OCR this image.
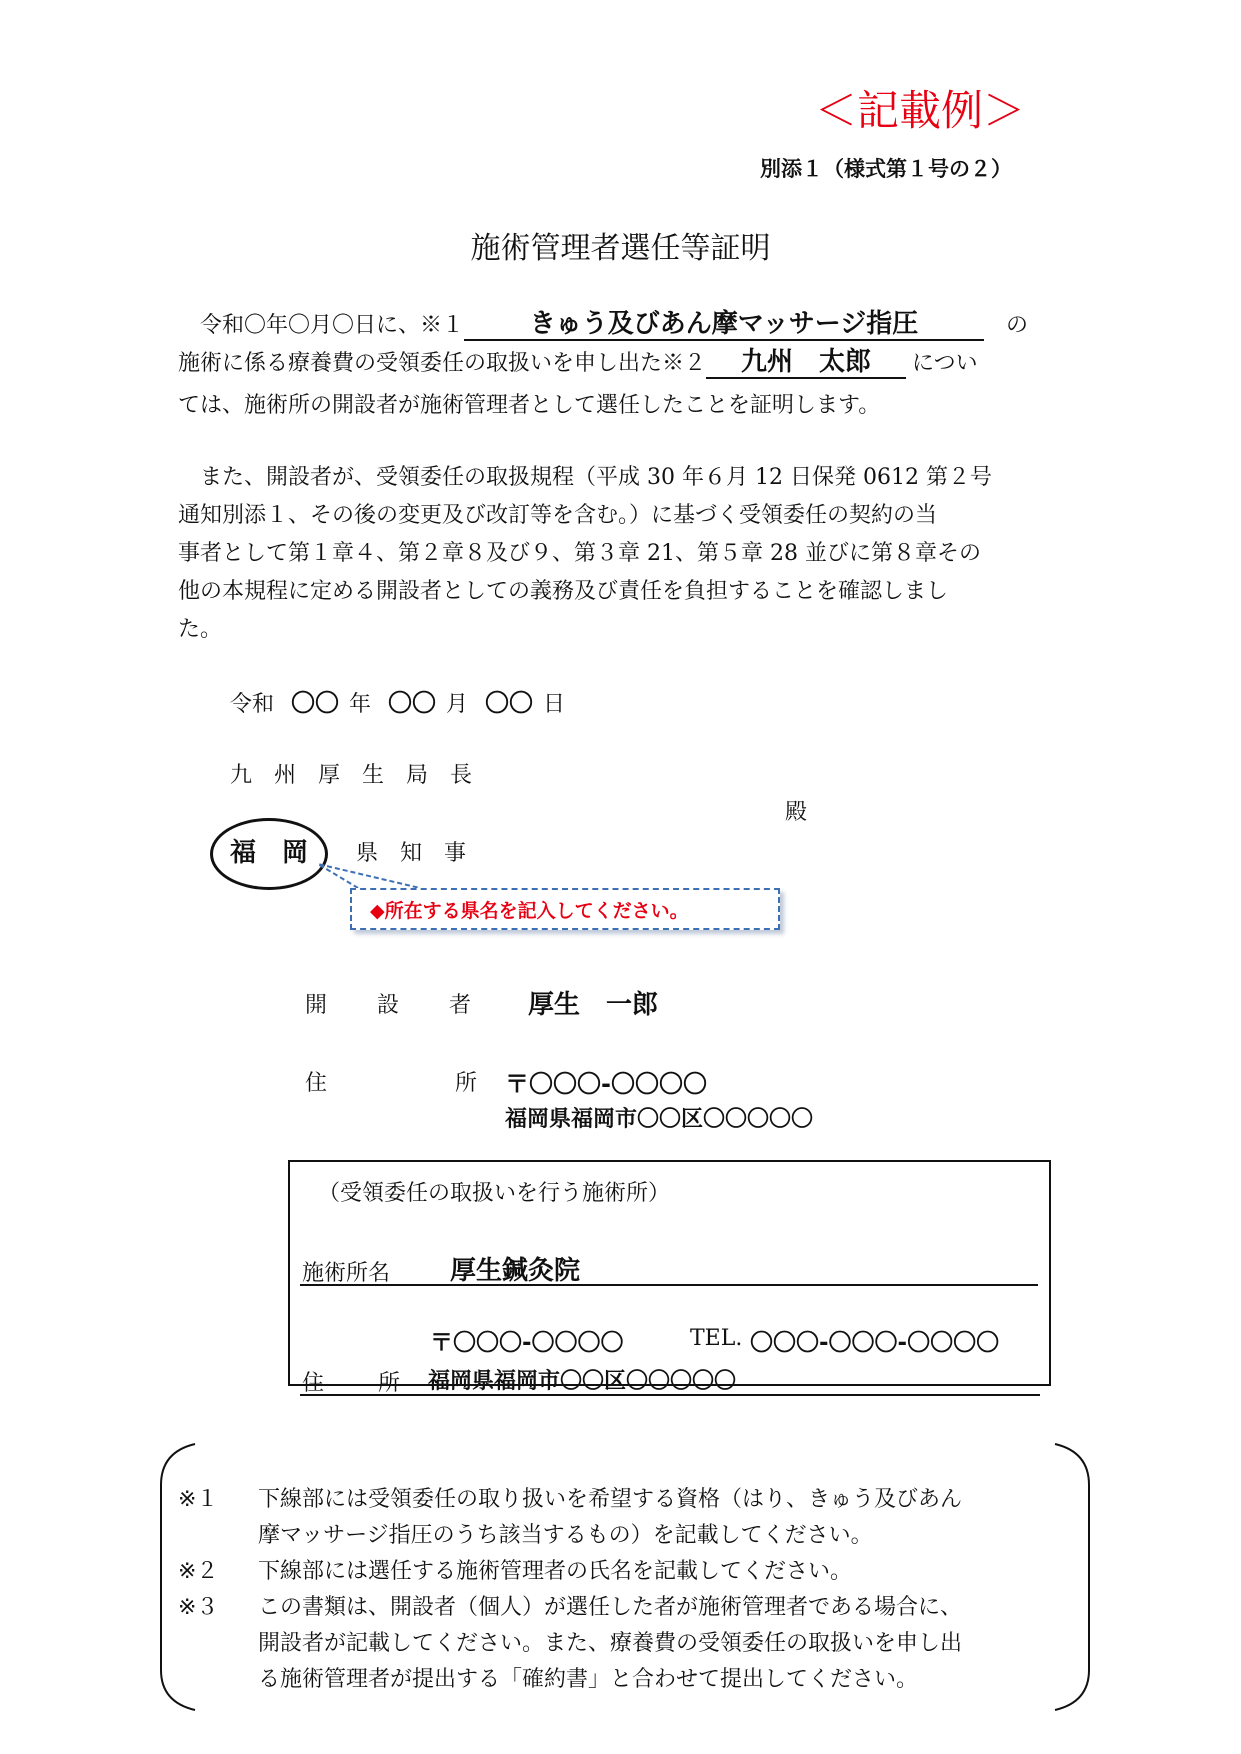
＜記載例＞
別添１（様式第１号の２）
施術管理者選任等証明
令和〇年〇月〇日に、※１	きゅう及びあん摩マッサージ指圧	の
施術に係る療養費の受領委任の取扱いを申し出た※２ 九州　太郎 につい
ては、施術所の開設者が施術管理者として選任したことを証明します。
また、開設者が、受領委任の取扱規程（平成 30 年６月 12 日保発 0612 第２号
通知別添１、その後の変更及び改訂等を含む。）に基づく受領委任の契約の当
事者として第１章４、第２章８及び９、第３章 21、第５章 28 並びに第８章その
他の本規程に定める開設者としての義務及び責任を負担することを確認しまし
た。
令和 〇〇 年 〇〇 月 〇〇 日
九州厚生局長
殿
福　岡 県知事
◆所在する県名を記入してください。
開設者 厚生　一郎
住	所 〒〇〇〇-〇〇〇〇
福岡県福岡市〇〇区〇〇〇〇〇
（受領委任の取扱いを行う施術所）
施術所名 厚生鍼灸院
〒〇〇〇-〇〇〇〇	TEL. 〇〇〇-〇〇〇-〇〇〇〇
住 所 福岡県福岡市〇〇区〇〇〇〇〇
※１ 下線部には受領委任の取り扱いを希望する資格（はり、きゅう及びあん
摩マッサージ指圧のうち該当するもの）を記載してください。
※２ 下線部には選任する施術管理者の氏名を記載してください。
※３ この書類は、開設者（個人）が選任した者が施術管理者である場合に、
開設者が記載してください。また、療養費の受領委任の取扱いを申し出
る施術管理者が提出する「確約書」と合わせて提出してください。
